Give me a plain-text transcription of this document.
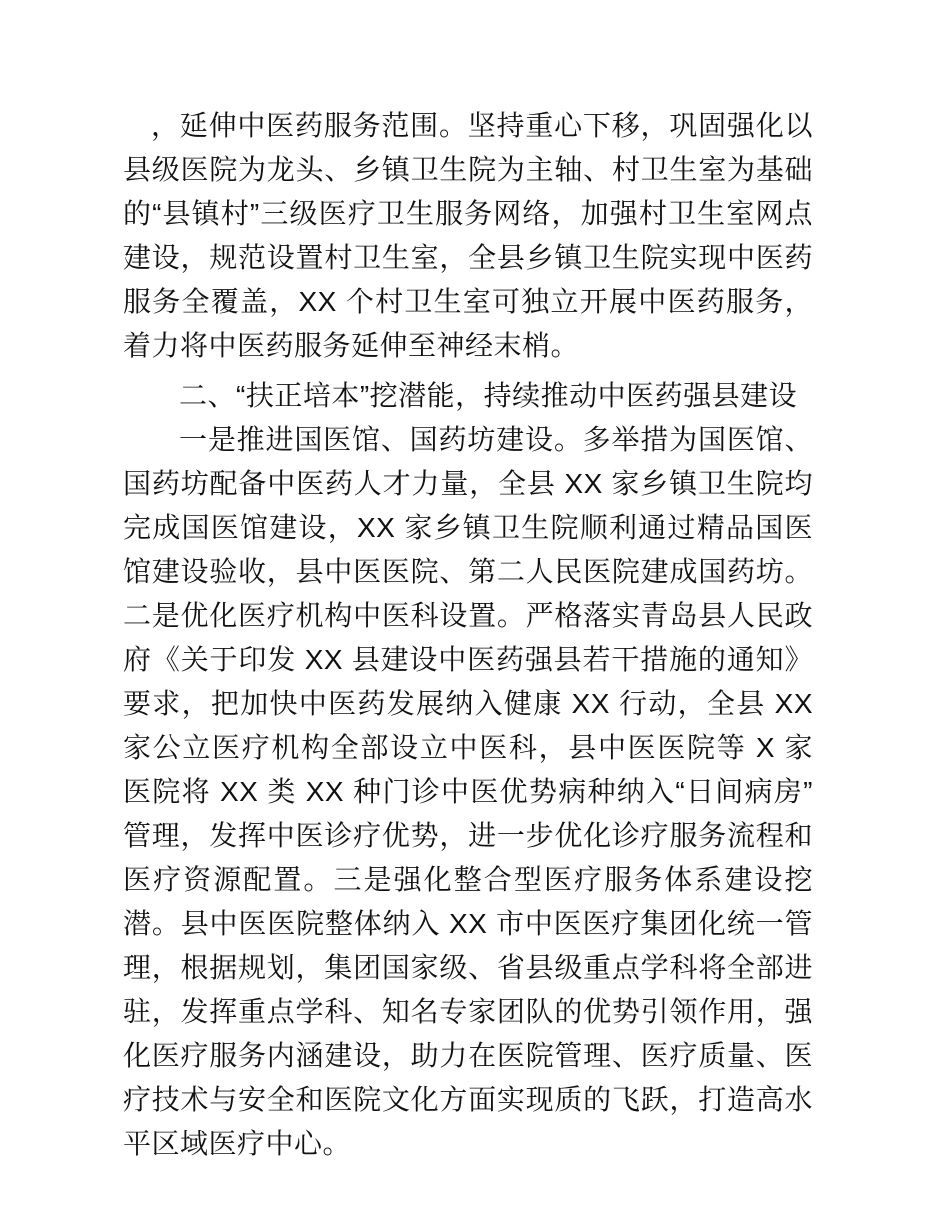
，延伸中医药服务范围。坚持重心下移，巩固强化以县级医院为龙头、乡镇卫生院为主轴、村卫生室为基础的“县镇村”三级医疗卫生服务网络，加强村卫生室网点建设，规范设置村卫生室，全县乡镇卫生院实现中医药服务全覆盖，XX 个村卫生室可独立开展中医药服务，着力将中医药服务延伸至神经末梢。

二、“扶正培本”挖潜能，持续推动中医药强县建设

一是推进国医馆、国药坊建设。多举措为国医馆、国药坊配备中医药人才力量，全县 XX 家乡镇卫生院均完成国医馆建设，XX 家乡镇卫生院顺利通过精品国医馆建设验收，县中医医院、第二人民医院建成国药坊。二是优化医疗机构中医科设置。严格落实青岛县人民政府《关于印发 XX 县建设中医药强县若干措施的通知》要求，把加快中医药发展纳入健康 XX 行动，全县 XX 家公立医疗机构全部设立中医科，县中医医院等 X 家医院将 XX 类 XX 种门诊中医优势病种纳入“日间病房”管理，发挥中医诊疗优势，进一步优化诊疗服务流程和医疗资源配置。三是强化整合型医疗服务体系建设挖潜。县中医医院整体纳入 XX 市中医医疗集团化统一管理，根据规划，集团国家级、省县级重点学科将全部进驻，发挥重点学科、知名专家团队的优势引领作用，强化医疗服务内涵建设，助力在医院管理、医疗质量、医疗技术与安全和医院文化方面实现质的飞跃，打造高水平区域医疗中心。
